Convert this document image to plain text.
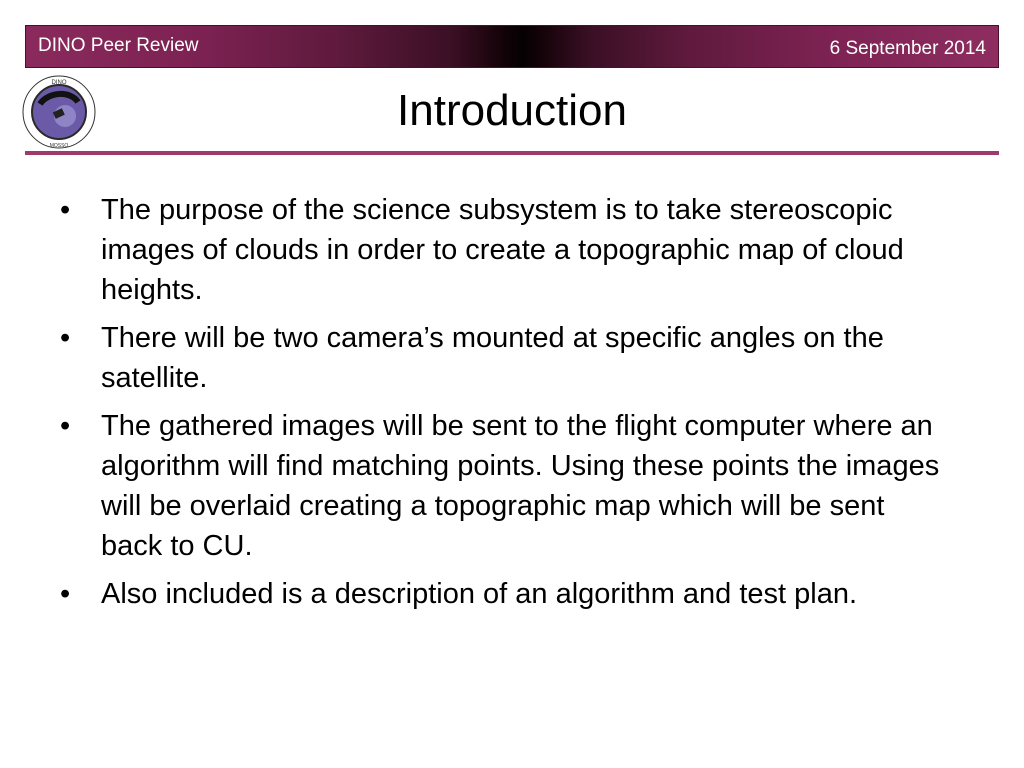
DINO Peer Review	6 September 2014
DINO
MOSSO
Introduction
• The purpose of the science subsystem is to take stereoscopic images of clouds in order to create a topographic map of cloud heights.
• There will be two camera’s mounted at specific angles on the satellite.
• The gathered images will be sent to the flight computer where an algorithm will find matching points. Using these points the images will be overlaid creating a topographic map which will be sent back to CU.
• Also included is a description of an algorithm and test plan.
